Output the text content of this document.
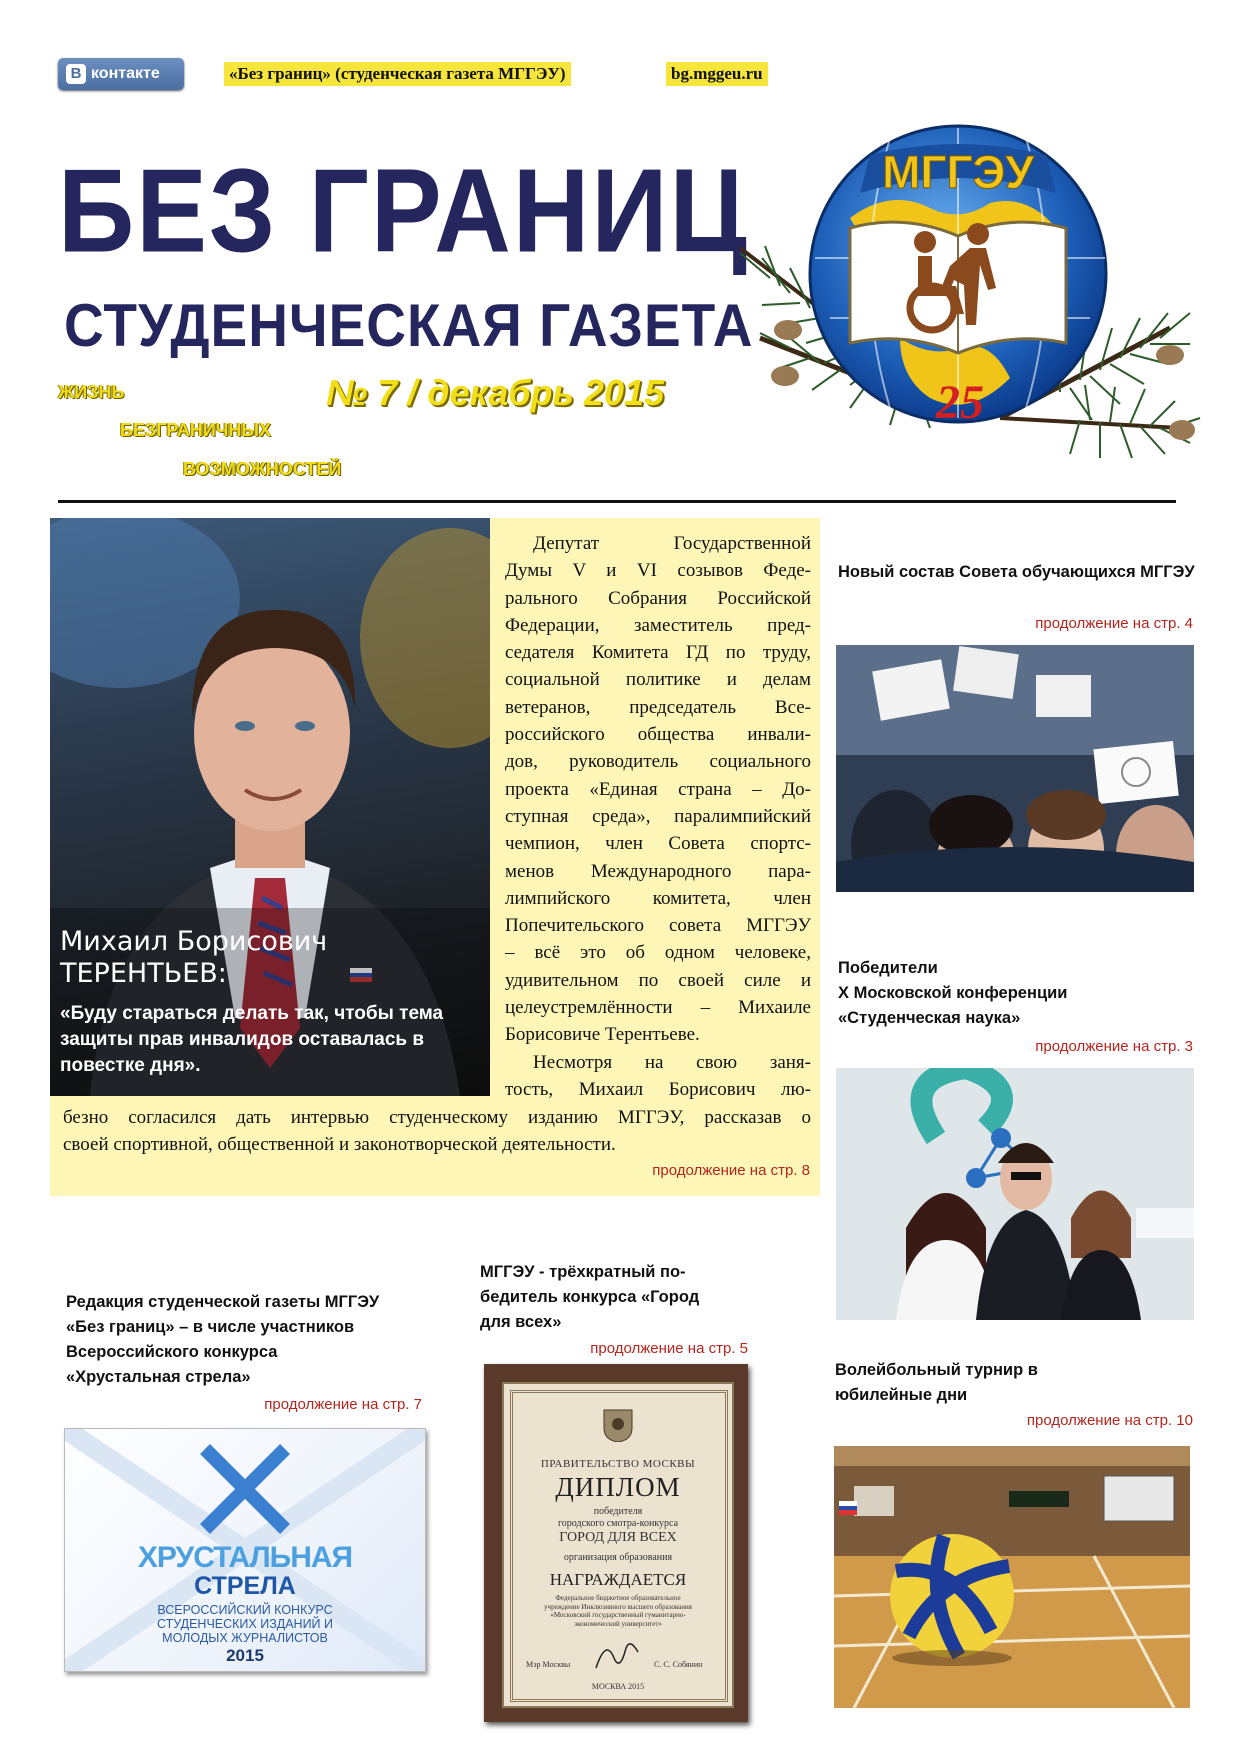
В контакте	«Без границ» (студенческая газета МГГЭУ)	bg.mggeu.ru
БЕЗ ГРАНИЦ
СТУДЕНЧЕСКАЯ ГАЗЕТА
ЖИЗНЬ
БЕЗГРАНИЧНЫХ
ВОЗМОЖНОСТЕЙ
№ 7 / декабрь 2015
МГГЭУ
25
Михаил Борисович
ТЕРЕНТЬЕВ:
«Буду стараться делать так, чтобы тема защиты прав инвалидов оставалась в повестке дня».
Депутат Государственной
Думы V и VI созывов Феде-
рального Собрания Российской
Федерации, заместитель пред-
седателя Комитета ГД по труду,
социальной политике и делам
ветеранов, председатель Все-
российского общества инвали-
дов, руководитель социального
проекта «Единая страна – До-
ступная среда», паралимпийский
чемпион, член Совета спортс-
менов Международного пара-
лимпийского комитета, член
Попечительского совета МГГЭУ
– всё это об одном человеке,
удивительном по своей силе и
целеустремлённости – Михаиле
Борисовиче Терентьеве.
Несмотря на свою заня-
тость, Михаил Борисович лю-
безно согласился дать интервью студенческому изданию МГГЭУ, рассказав о
своей спортивной, общественной и законотворческой деятельности.
продолжение на стр. 8
Новый состав Совета обучающихся МГГЭУ
продолжение на стр. 4
Победители
X Московской конференции
«Студенческая наука»
продолжение на стр. 3
Волейбольный турнир в
юбилейные дни
продолжение на стр. 10
Редакция студенческой газеты МГГЭУ
«Без границ» – в числе участников
Всероссийского конкурса
«Хрустальная стрела»
продолжение на стр. 7
ХРУСТАЛЬНАЯ
СТРЕЛА
ВСЕРОССИЙСКИЙ КОНКУРС
СТУДЕНЧЕСКИХ ИЗДАНИЙ И
МОЛОДЫХ ЖУРНАЛИСТОВ
2015
МГГЭУ - трёхкратный по-
бедитель конкурса «Город
для всех»
продолжение на стр. 5
ПРАВИТЕЛЬСТВО МОСКВЫ
ДИПЛОМ
победителя
городского смотра-конкурса
ГОРОД ДЛЯ ВСЕХ
организация образования
НАГРАЖДАЕТСЯ
Федеральное бюджетное образовательное
учреждение Инклюзивного высшего образования
«Московский государственный гуманитарно-
экономический университет»
Мэр Москвы	С. С. Собянин
МОСКВА 2015
